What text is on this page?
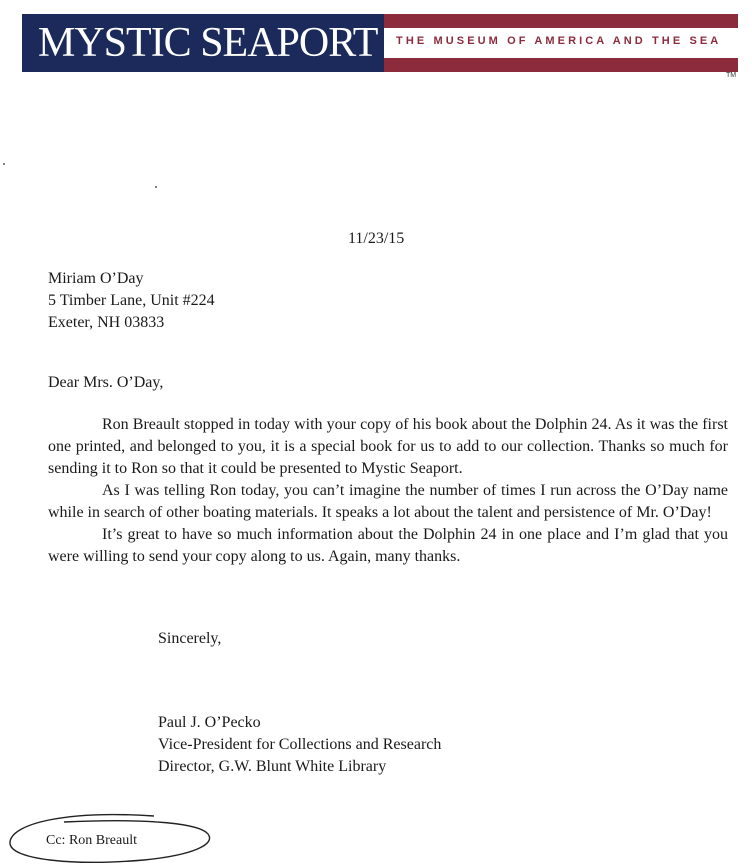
MYSTIC SEAPORT THE MUSEUM OF AMERICA AND THE SEA
TM
11/23/15
Miriam O’Day
5 Timber Lane, Unit #224
Exeter, NH 03833
Dear Mrs. O’Day,

Ron Breault stopped in today with your copy of his book about the Dolphin 24. As it was the first one printed, and belonged to you, it is a special book for us to add to our collection. Thanks so much for sending it to Ron so that it could be presented to Mystic Seaport.

As I was telling Ron today, you can’t imagine the number of times I run across the O’Day name while in search of other boating materials. It speaks a lot about the talent and persistence of Mr. O’Day!

It’s great to have so much information about the Dolphin 24 in one place and I’m glad that you were willing to send your copy along to us. Again, many thanks.

Sincerely,
Paul J. O’Pecko
Vice-President for Collections and Research
Director, G.W. Blunt White Library
Cc: Ron Breault
